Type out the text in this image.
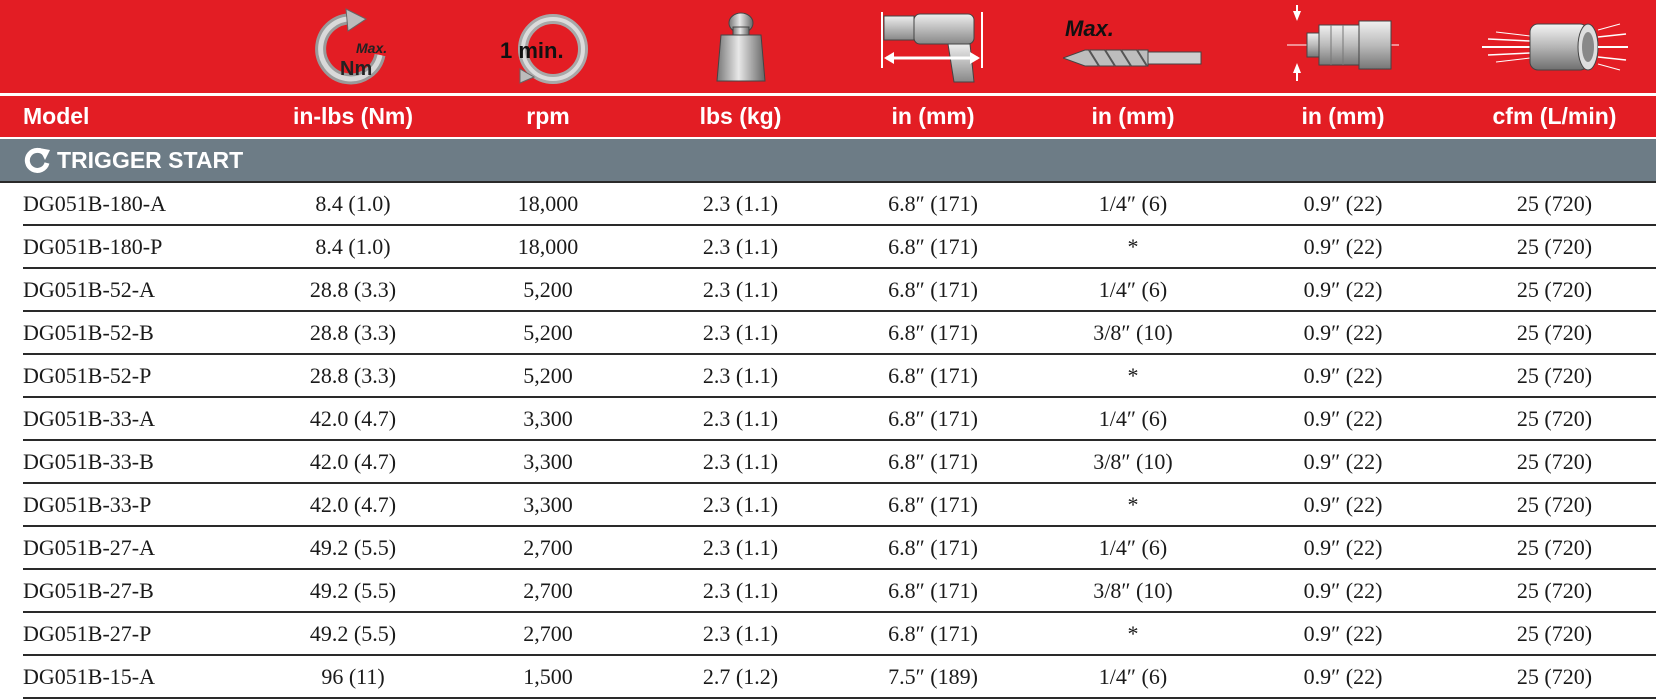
Max.
Nm
1 min.
Max.
Model	in-lbs (Nm)	rpm	lbs (kg)	in (mm)	in (mm)	in (mm)	cfm (L/min)
TRIGGER START
DG051B-180-A	8.4 (1.0)	18,000	2.3 (1.1)	6.8″ (171)	1/4″ (6)	0.9″ (22)	25 (720)
DG051B-180-P	8.4 (1.0)	18,000	2.3 (1.1)	6.8″ (171)	*	0.9″ (22)	25 (720)
DG051B-52-A	28.8 (3.3)	5,200	2.3 (1.1)	6.8″ (171)	1/4″ (6)	0.9″ (22)	25 (720)
DG051B-52-B	28.8 (3.3)	5,200	2.3 (1.1)	6.8″ (171)	3/8″ (10)	0.9″ (22)	25 (720)
DG051B-52-P	28.8 (3.3)	5,200	2.3 (1.1)	6.8″ (171)	*	0.9″ (22)	25 (720)
DG051B-33-A	42.0 (4.7)	3,300	2.3 (1.1)	6.8″ (171)	1/4″ (6)	0.9″ (22)	25 (720)
DG051B-33-B	42.0 (4.7)	3,300	2.3 (1.1)	6.8″ (171)	3/8″ (10)	0.9″ (22)	25 (720)
DG051B-33-P	42.0 (4.7)	3,300	2.3 (1.1)	6.8″ (171)	*	0.9″ (22)	25 (720)
DG051B-27-A	49.2 (5.5)	2,700	2.3 (1.1)	6.8″ (171)	1/4″ (6)	0.9″ (22)	25 (720)
DG051B-27-B	49.2 (5.5)	2,700	2.3 (1.1)	6.8″ (171)	3/8″ (10)	0.9″ (22)	25 (720)
DG051B-27-P	49.2 (5.5)	2,700	2.3 (1.1)	6.8″ (171)	*	0.9″ (22)	25 (720)
DG051B-15-A	96 (11)	1,500	2.7 (1.2)	7.5″ (189)	1/4″ (6)	0.9″ (22)	25 (720)
